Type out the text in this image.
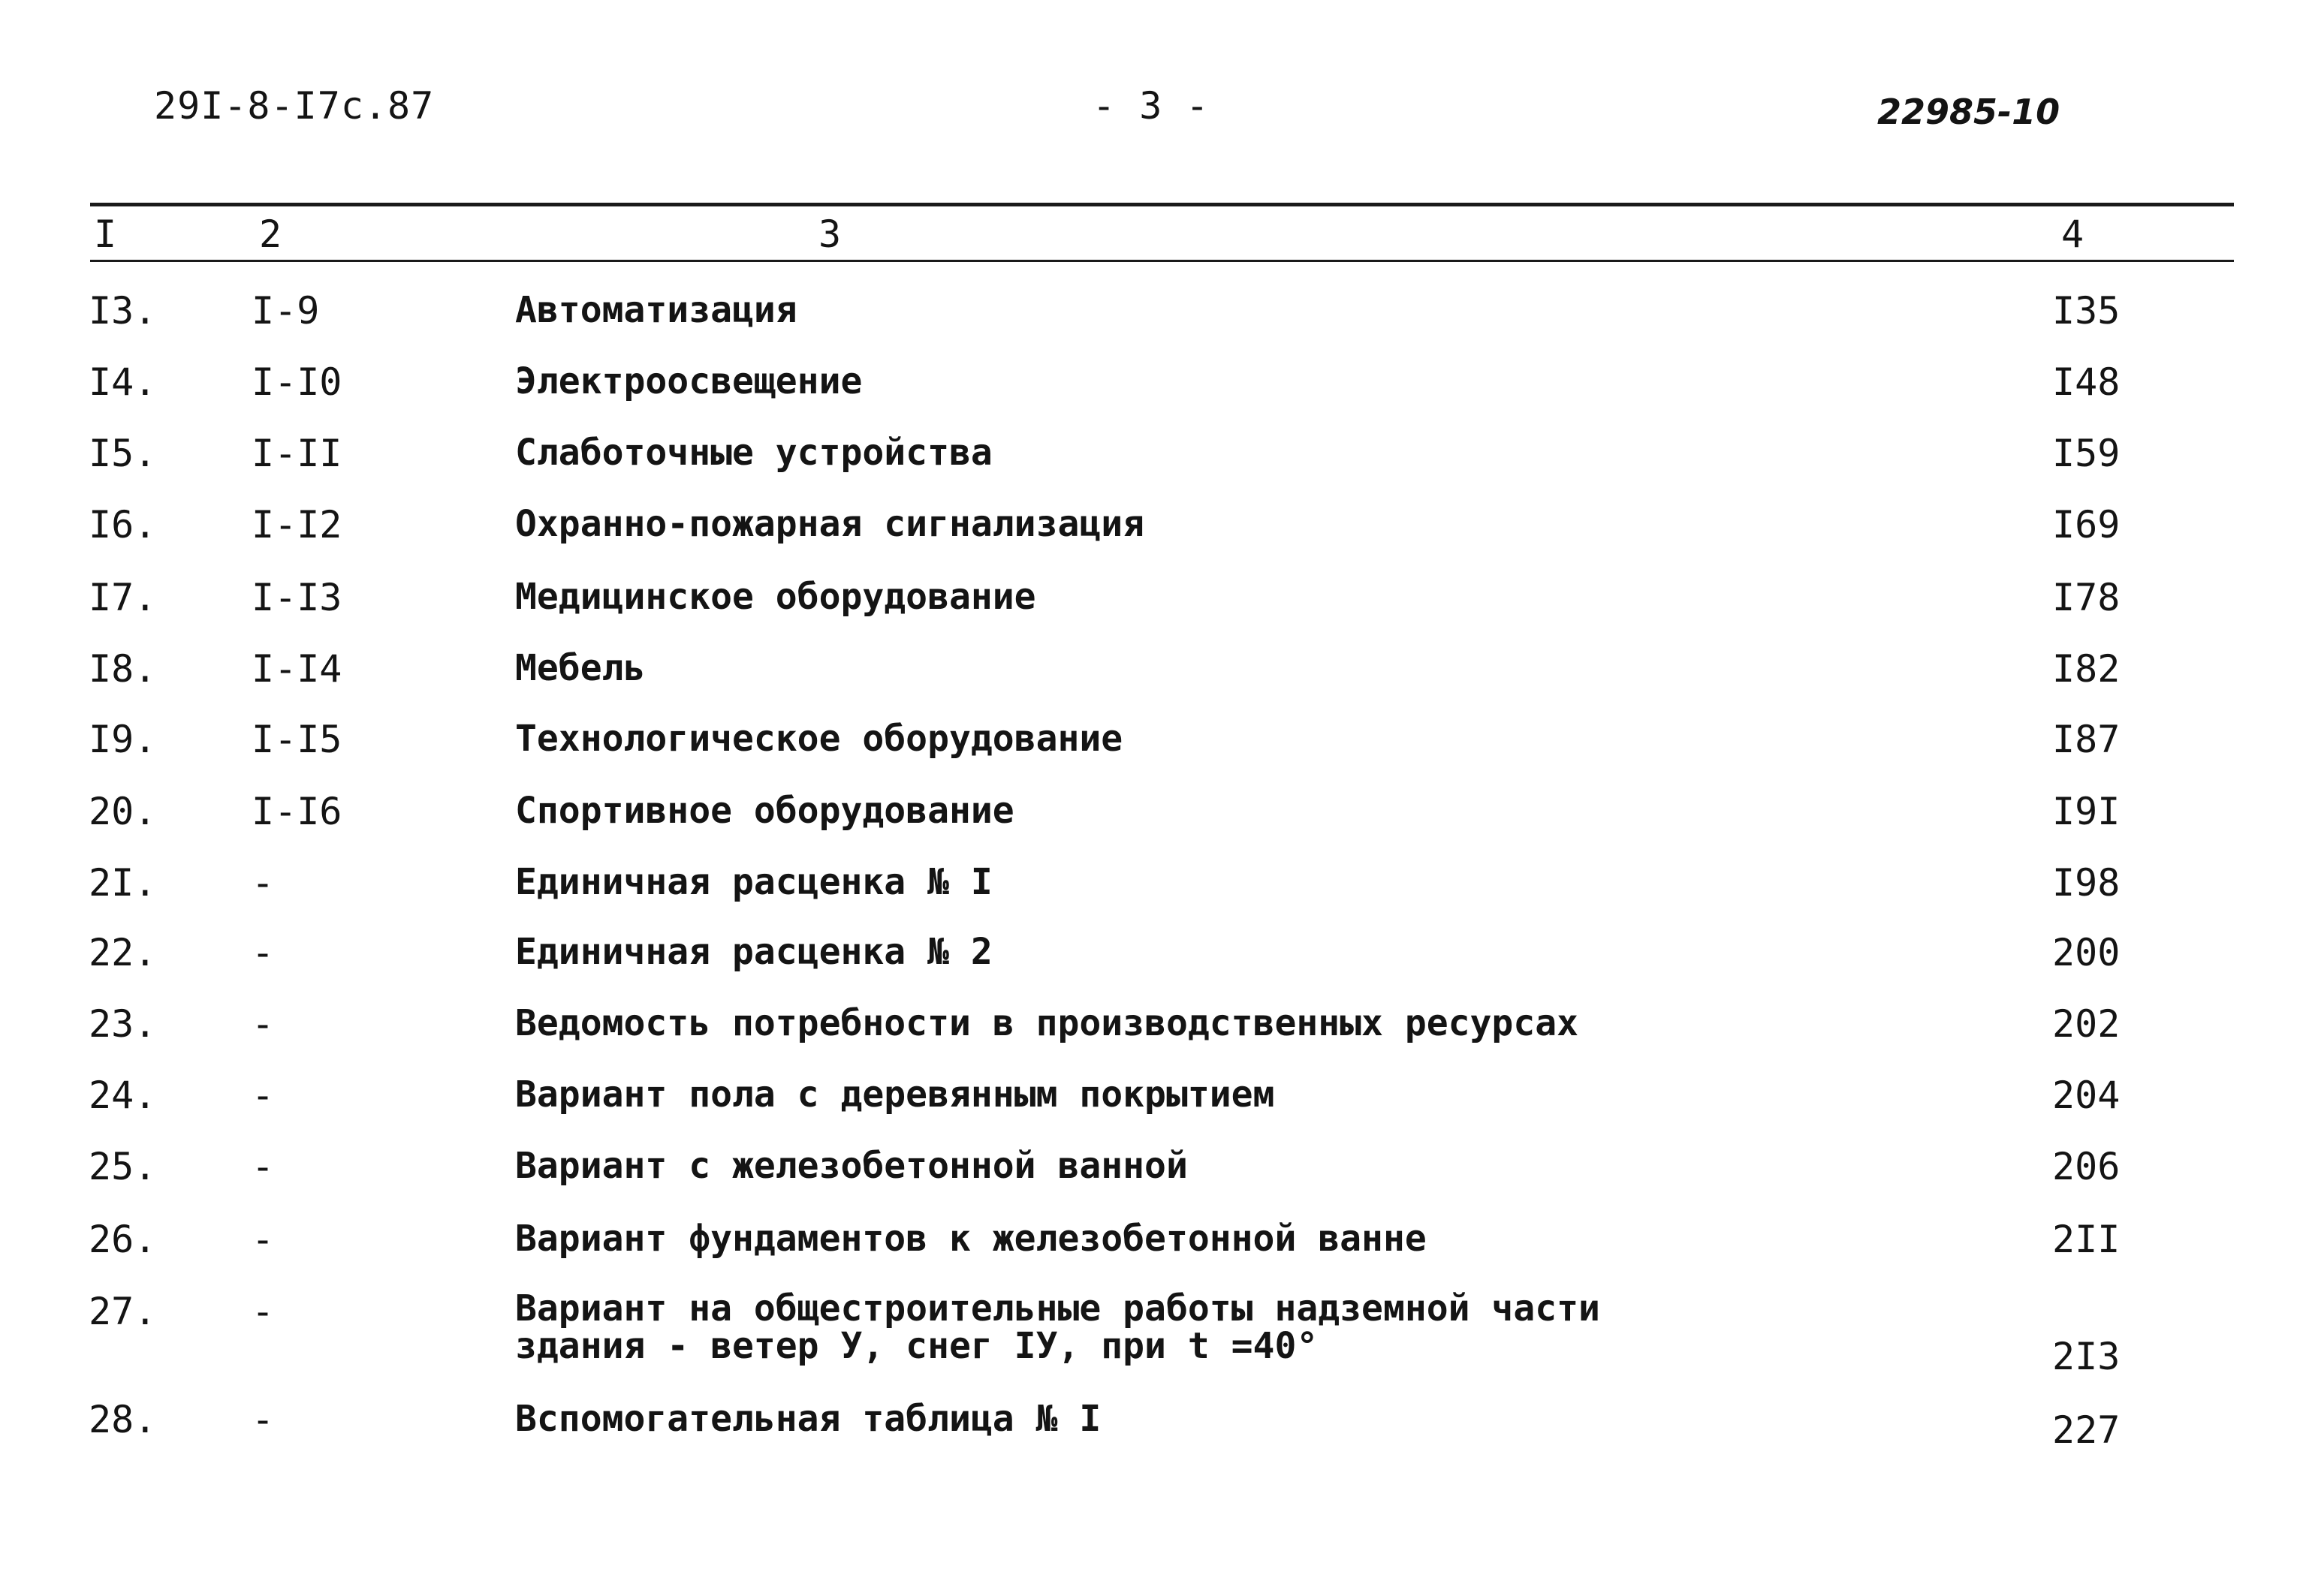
29I-8-I7c.87	- 3 -	22985-10
I	2	3	4
I3.	I-9	Автоматизация	I35
I4.	I-I0	Электроосвещение	I48
I5.	I-II	Слаботочные устройства	I59
I6.	I-I2	Охранно-пожарная сигнализация	I69
I7.	I-I3	Медицинское оборудование	I78
I8.	I-I4	Мебель	I82
I9.	I-I5	Технологическое оборудование	I87
20.	I-I6	Спортивное оборудование	I9I
2I.	-	Единичная расценка № I	I98
22.	-	Единичная расценка № 2	200
23.	-	Ведомость потребности в производственных ресурсах	202
24.	-	Вариант пола с деревянным покрытием	204
25.	-	Вариант с железобетонной ванной	206
26.	-	Вариант фундаментов к железобетонной ванне	2II
27.	-	Вариант на общестроительные работы надземной части
здания - ветер У, снег IУ, при t =40°	2I3
28.	-	Вспомогательная таблица № I	227
